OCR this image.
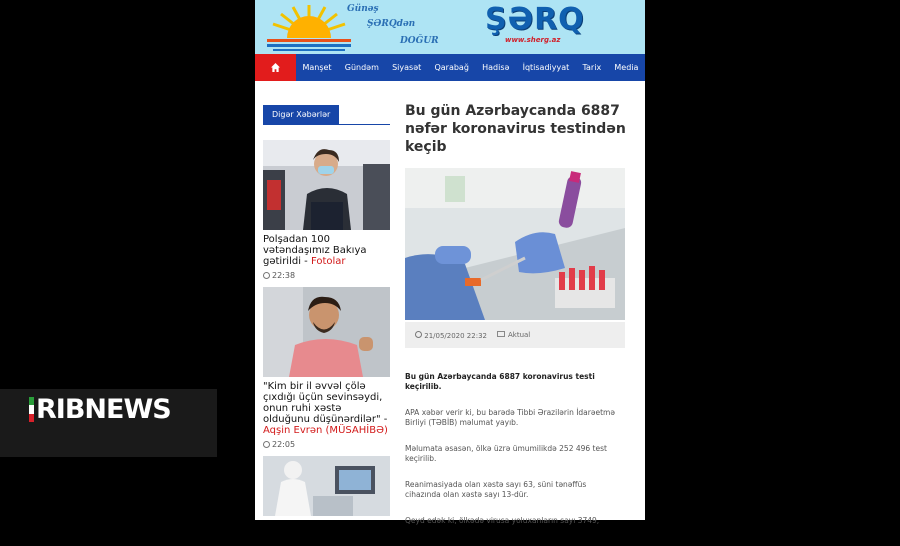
Günəş
ŞƏRQdən
DOĞUR
ŞƏRQ
www.sherg.az
Manşet	Gündəm	Siyasət	Qarabağ	Hadisə	İqtisadiyyat	Tarix	Media
Digər Xəbərlər
Polşadan 100 vətəndaşımız Bakıya gətirildi - Fotolar
22:38
"Kim bir il əvvəl çölə çıxdığı üçün sevinsəydi, onun ruhi xəstə olduğunu düşünərdilər" - Aqşin Evrən (MÜSAHİBƏ)
22:05
Bu gün Azərbaycanda 6887 nəfər koronavirus testindən keçib
21/05/2020 22:32	Aktual

Bu gün Azərbaycanda 6887 koronavirus testi keçirilib.

APA xəbər verir ki, bu barədə Tibbi Ərazilərin İdarəetmə Birliyi (TƏBİB) məlumat yayıb.

Məlumata əsasən, ölkə üzrə ümumilikdə 252 496 test keçirilib.

Reanimasiyada olan xəstə sayı 63, süni tənəffüs cihazında olan xəstə sayı 13-dür.

Qeyd edək ki, ölkədə virusa yoluxanların sayı 3749,

RIBNEWS
